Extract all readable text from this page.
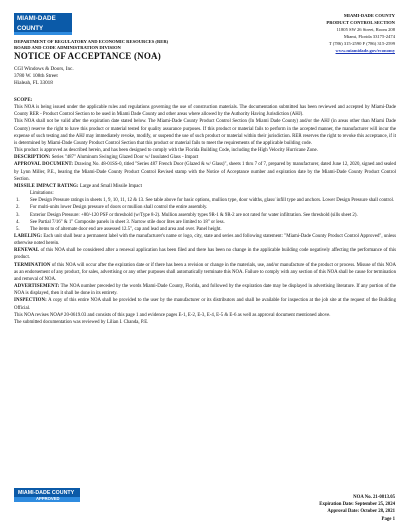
MIAMI-DADE
COUNTY
MIAMI-DADE COUNTY
PRODUCT CONTROL SECTION
11805 SW 26 Street, Room 208
Miami, Florida 33175-2474
T (786) 315-2590 F (786) 315-2599
www.miamidade.gov/economy
DEPARTMENT OF REGULATORY AND ECONOMIC RESOURCES (RER)
BOARD AND CODE ADMINISTRATION DIVISION
NOTICE OF ACCEPTANCE (NOA)
CGI Windows & Doors, Inc.
3780 W. 108th Street
Hialeah, FL 33018

SCOPE:

This NOA is being issued under the applicable rules and regulations governing the use of construction materials. The documentation submitted has been reviewed and accepted by Miami-Dade County RER - Product Control Section to be used in Miami Dade County and other areas where allowed by the Authority Having Jurisdiction (AHJ).

This NOA shall not be valid after the expiration date stated below. The Miami-Dade County Product Control Section (In Miami Dade County) and/or the AHJ (in areas other than Miami Dade County) reserve the right to have this product or material tested for quality assurance purposes. If this product or material fails to perform in the accepted manner, the manufacturer will incur the expense of such testing and the AHJ may immediately revoke, modify, or suspend the use of such product or material within their jurisdiction. RER reserves the right to revoke this acceptance, if it is determined by Miami-Dade County Product Control Section that this product or material fails to meet the requirements of the applicable building code.

This product is approved as described herein, and has been designed to comply with the Florida Building Code, including the High Velocity Hurricane Zone.

DESCRIPTION: Series "487" Aluminum Swinging Glazed Door w/ Insulated Glass - Impact

APPROVAL DOCUMENT: Drawing No. 48-01SS-0, titled "Series 487 French Door (Glazed & w/ Glass)", sheets 1 thru 7 of 7, prepared by manufacturer, dated June 12, 2020, signed and sealed by Lynn Miller, P.E., bearing the Miami-Dade County Product Control Revised stamp with the Notice of Acceptance number and expiration date by the Miami-Dade County Product Control Section.

MISSILE IMPACT RATING: Large and Small Missile Impact

Limitations:

1. See Design Pressure ratings in sheets 1, 9, 10, 11, 12 & 13. See table above for basic options, mullion type, door widths, glass/ infill type and anchors. Lower Design Pressure shall control.
2. For multi-units lower Design pressure of doors or mullion shall control the entire assembly.
3. Exterior Design Pressure: +80/-120 PSF or threshold (w/Type 8-2). Mullion assembly types 9R-1 & 9R-2 are not rated for water infiltration. See threshold (sills sheet 2).
4. See Partial 7/16" & 1" Composite panels in sheet 3. Narrow stile door lites are limited to 18" or less.
5. The items to of alternate door end are assessed 12.5", cap and lead and area and over. Panel height.

LABELING: Each unit shall bear a permanent label with the manufacturer's name or logo, city, state and series and following statement: "Miami-Dade County Product Control Approved", unless otherwise noted herein.

RENEWAL of this NOA shall be considered after a renewal application has been filed and there has been no change in the applicable building code negatively affecting the performance of this product.

TERMINATION of this NOA will occur after the expiration date or if there has been a revision or change in the materials, use, and/or manufacture of the product or process. Misuse of this NOA as an endorsement of any product, for sales, advertising or any other purposes shall automatically terminate this NOA. Failure to comply with any section of this NOA shall be cause for termination and removal of NOA.

ADVERTISEMENT: The NOA number preceded by the words Miami-Dade County, Florida, and followed by the expiration date may be displayed in advertising literature. If any portion of the NOA is displayed, then it shall be done in its entirety.

INSPECTION: A copy of this entire NOA shall be provided to the user by the manufacturer or its distributors and shall be available for inspection at the job site at the request of the Building Official.

This NOA revises NOA# 20-0619.03 and consists of this page 1 and evidence pages E-1, E-2, E-3, E-4, E-5 & E-6 as well as approval document mentioned above.

The submitted documentation was reviewed by Lilian I. Chanda, P.E.

MIAMI-DADE COUNTY
APPROVED	NOA No. 21-0813.05
Expiration Date: September 25, 2024
Approval Date: October 28, 2021
Page 1
